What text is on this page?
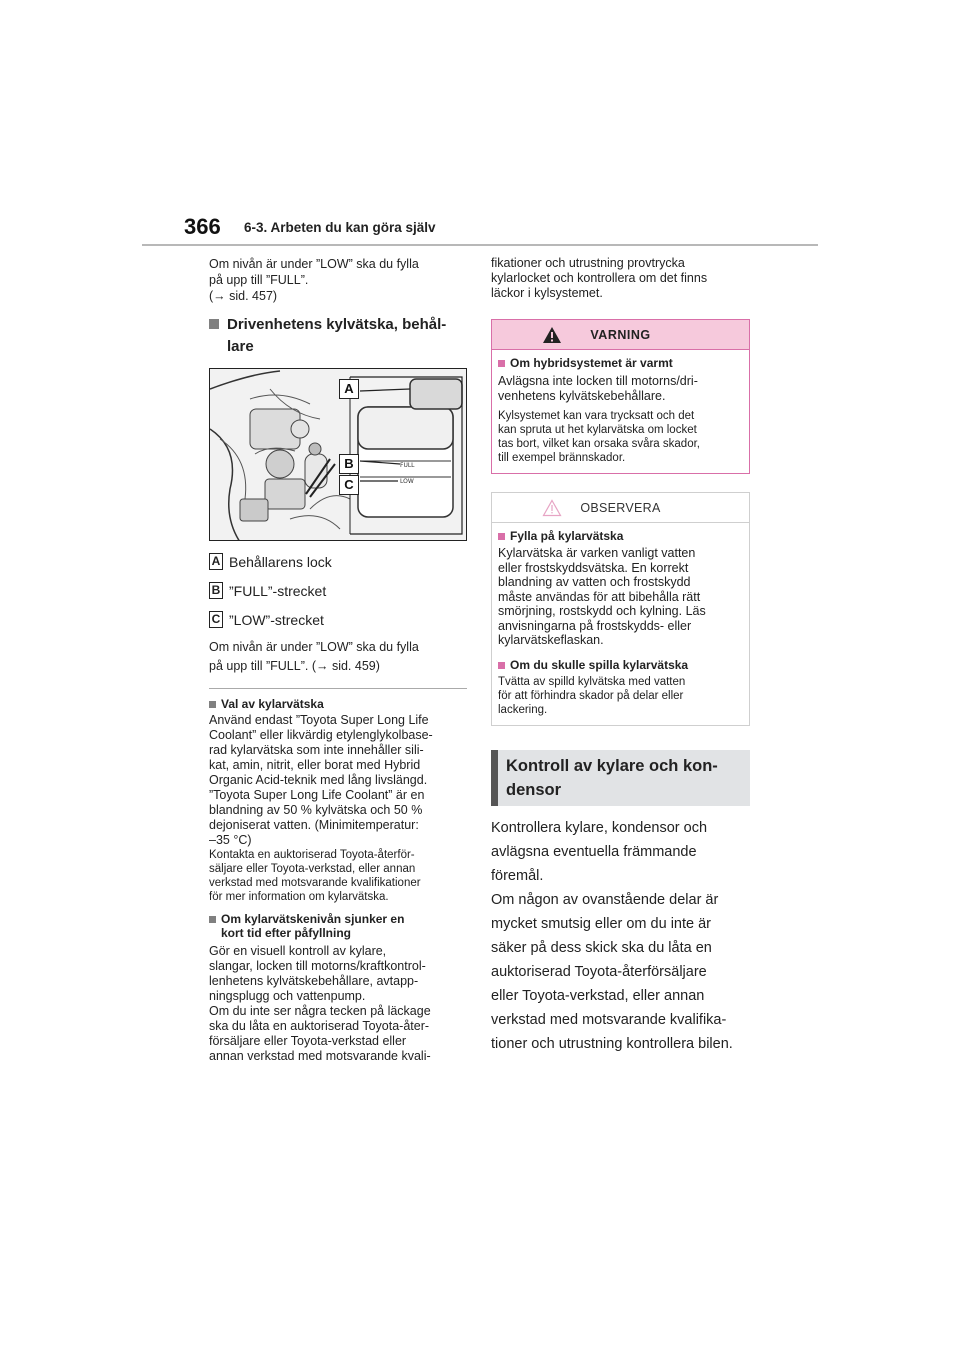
366 6-3. Arbeten du kan göra själv
Om nivån är under ”LOW” ska du fylla
på upp till ”FULL”.
(→ sid. 457)
Drivenhetens kylvätska, behål-
lare
FULL
LOW
A
B
C
A Behållarens lock
B ”FULL”-strecket
C ”LOW”-strecket
Om nivån är under ”LOW” ska du fylla
på upp till ”FULL”. (→ sid. 459)
Val av kylarvätska
Använd endast ”Toyota Super Long Life
Coolant” eller likvärdig etylenglykolbase-
rad kylarvätska som inte innehåller sili-
kat, amin, nitrit, eller borat med Hybrid
Organic Acid-teknik med lång livslängd.
”Toyota Super Long Life Coolant” är en
blandning av 50 % kylvätska och 50 %
dejoniserat vatten. (Minimitemperatur:
–35 °C)
Kontakta en auktoriserad Toyota-återför-
säljare eller Toyota-verkstad, eller annan
verkstad med motsvarande kvalifikationer
för mer information om kylarvätska.
Om kylarvätskenivån sjunker en
kort tid efter påfyllning
Gör en visuell kontroll av kylare,
slangar, locken till motorns/kraftkontrol-
lenhetens kylvätskebehållare, avtapp-
ningsplugg och vattenpump.
Om du inte ser några tecken på läckage
ska du låta en auktoriserad Toyota-åter-
försäljare eller Toyota-verkstad eller
annan verkstad med motsvarande kvali-
fikationer och utrustning provtrycka
kylarlocket och kontrollera om det finns
läckor i kylsystemet.
VARNING
Om hybridsystemet är varmt
Avlägsna inte locken till motorns/dri-
venhetens kylvätskebehållare.
Kylsystemet kan vara trycksatt och det
kan spruta ut het kylarvätska om locket
tas bort, vilket kan orsaka svåra skador,
till exempel brännskador.
OBSERVERA
Fylla på kylarvätska
Kylarvätska är varken vanligt vatten
eller frostskyddsvätska. En korrekt
blandning av vatten och frostskydd
måste användas för att bibehålla rätt
smörjning, rostskydd och kylning. Läs
anvisningarna på frostskydds- eller
kylarvätskeflaskan.
Om du skulle spilla kylarvätska
Tvätta av spilld kylvätska med vatten
för att förhindra skador på delar eller
lackering.
Kontroll av kylare och kon-
densor
Kontrollera kylare, kondensor och
avlägsna eventuella främmande
föremål.
Om någon av ovanstående delar är
mycket smutsig eller om du inte är
säker på dess skick ska du låta en
auktoriserad Toyota-återförsäljare
eller Toyota-verkstad, eller annan
verkstad med motsvarande kvalifika-
tioner och utrustning kontrollera bilen.
